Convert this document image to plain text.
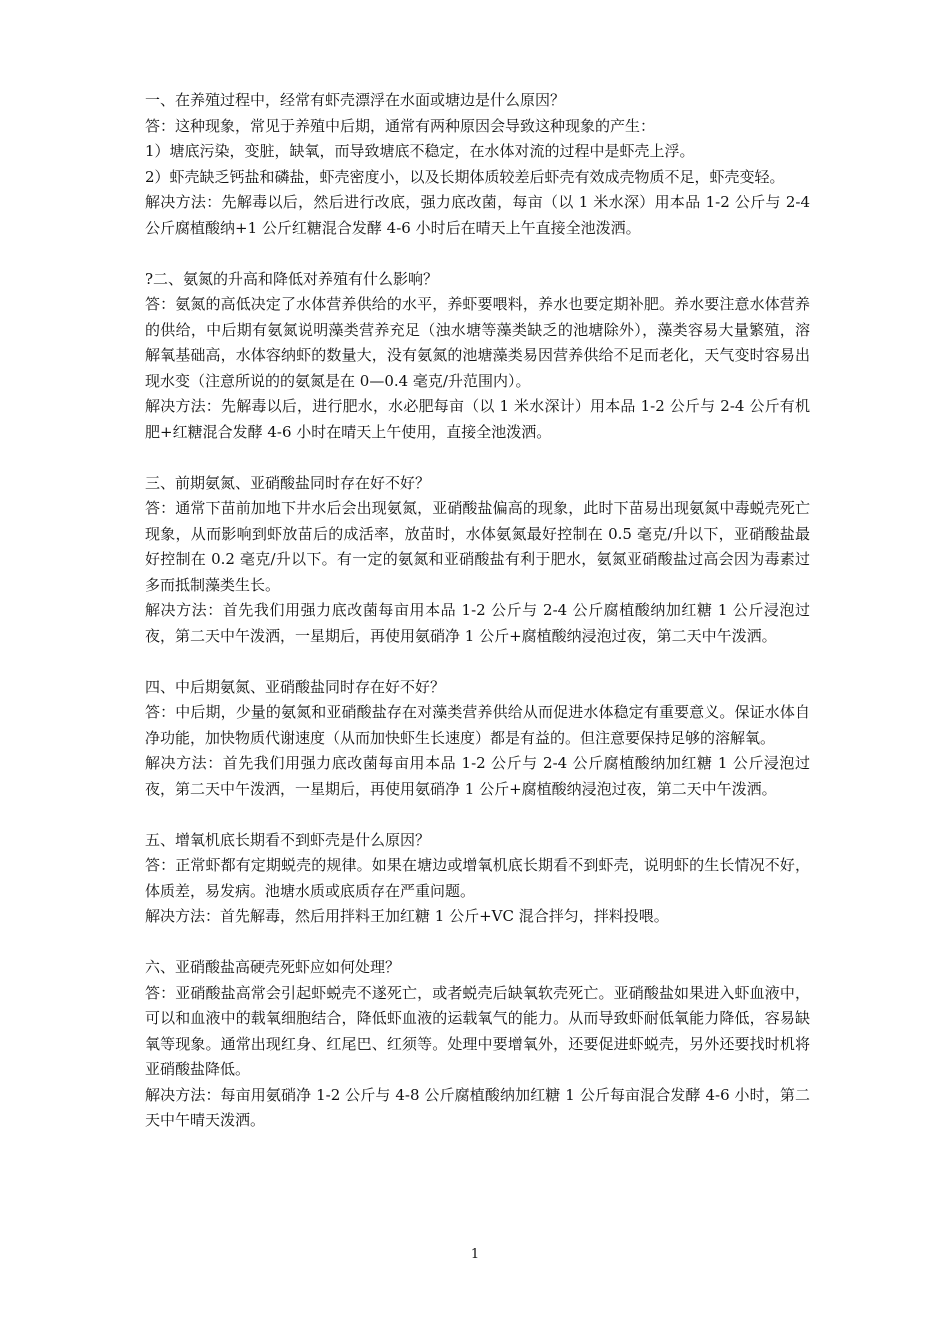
一、在养殖过程中，经常有虾壳漂浮在水面或塘边是什么原因？

答：这种现象，常见于养殖中后期，通常有两种原因会导致这种现象的产生：

1）塘底污染，变脏，缺氧，而导致塘底不稳定，在水体对流的过程中是虾壳上浮。

2）虾壳缺乏钙盐和磷盐，虾壳密度小，以及长期体质较差后虾壳有效成壳物质不足，虾壳变轻。

解决方法：先解毒以后，然后进行改底，强力底改菌，每亩（以 1 米水深）用本品 1-2 公斤与 2-4 公斤腐植酸纳+1 公斤红糖混合发酵 4-6 小时后在晴天上午直接全池泼洒。

?二、氨氮的升高和降低对养殖有什么影响？

答：氨氮的高低决定了水体营养供给的水平，养虾要喂料，养水也要定期补肥。养水要注意水体营养的供给，中后期有氨氮说明藻类营养充足（浊水塘等藻类缺乏的池塘除外），藻类容易大量繁殖，溶解氧基础高，水体容纳虾的数量大，没有氨氮的池塘藻类易因营养供给不足而老化，天气变时容易出现水变（注意所说的的氨氮是在 0—0.4 毫克/升范围内）。

解决方法：先解毒以后，进行肥水，水必肥每亩（以 1 米水深计）用本品 1-2 公斤与 2-4 公斤有机肥+红糖混合发酵 4-6 小时在晴天上午使用，直接全池泼洒。

三、前期氨氮、亚硝酸盐同时存在好不好？

答：通常下苗前加地下井水后会出现氨氮，亚硝酸盐偏高的现象，此时下苗易出现氨氮中毒蜕壳死亡现象，从而影响到虾放苗后的成活率，放苗时，水体氨氮最好控制在 0.5 毫克/升以下，亚硝酸盐最好控制在 0.2 毫克/升以下。有一定的氨氮和亚硝酸盐有利于肥水，氨氮亚硝酸盐过高会因为毒素过多而抵制藻类生长。

解决方法：首先我们用强力底改菌每亩用本品 1-2 公斤与 2-4 公斤腐植酸纳加红糖 1 公斤浸泡过夜，第二天中午泼洒，一星期后，再使用氨硝净 1 公斤+腐植酸纳浸泡过夜，第二天中午泼洒。

四、中后期氨氮、亚硝酸盐同时存在好不好？

答：中后期，少量的氨氮和亚硝酸盐存在对藻类营养供给从而促进水体稳定有重要意义。保证水体自净功能，加快物质代谢速度（从而加快虾生长速度）都是有益的。但注意要保持足够的溶解氧。

解决方法：首先我们用强力底改菌每亩用本品 1-2 公斤与 2-4 公斤腐植酸纳加红糖 1 公斤浸泡过夜，第二天中午泼洒，一星期后，再使用氨硝净 1 公斤+腐植酸纳浸泡过夜，第二天中午泼洒。

五、增氧机底长期看不到虾壳是什么原因？

答：正常虾都有定期蜕壳的规律。如果在塘边或增氧机底长期看不到虾壳，说明虾的生长情况不好，体质差，易发病。池塘水质或底质存在严重问题。

解决方法：首先解毒，然后用拌料王加红糖 1 公斤+VC 混合拌匀，拌料投喂。

六、亚硝酸盐高硬壳死虾应如何处理？

答：亚硝酸盐高常会引起虾蜕壳不遂死亡，或者蜕壳后缺氧软壳死亡。亚硝酸盐如果进入虾血液中，可以和血液中的载氧细胞结合，降低虾血液的运载氧气的能力。从而导致虾耐低氧能力降低，容易缺氧等现象。通常出现红身、红尾巴、红须等。处理中要增氧外，还要促进虾蜕壳，另外还要找时机将亚硝酸盐降低。

解决方法：每亩用氨硝净 1-2 公斤与 4-8 公斤腐植酸纳加红糖 1 公斤每亩混合发酵 4-6 小时，第二天中午晴天泼洒。

1
